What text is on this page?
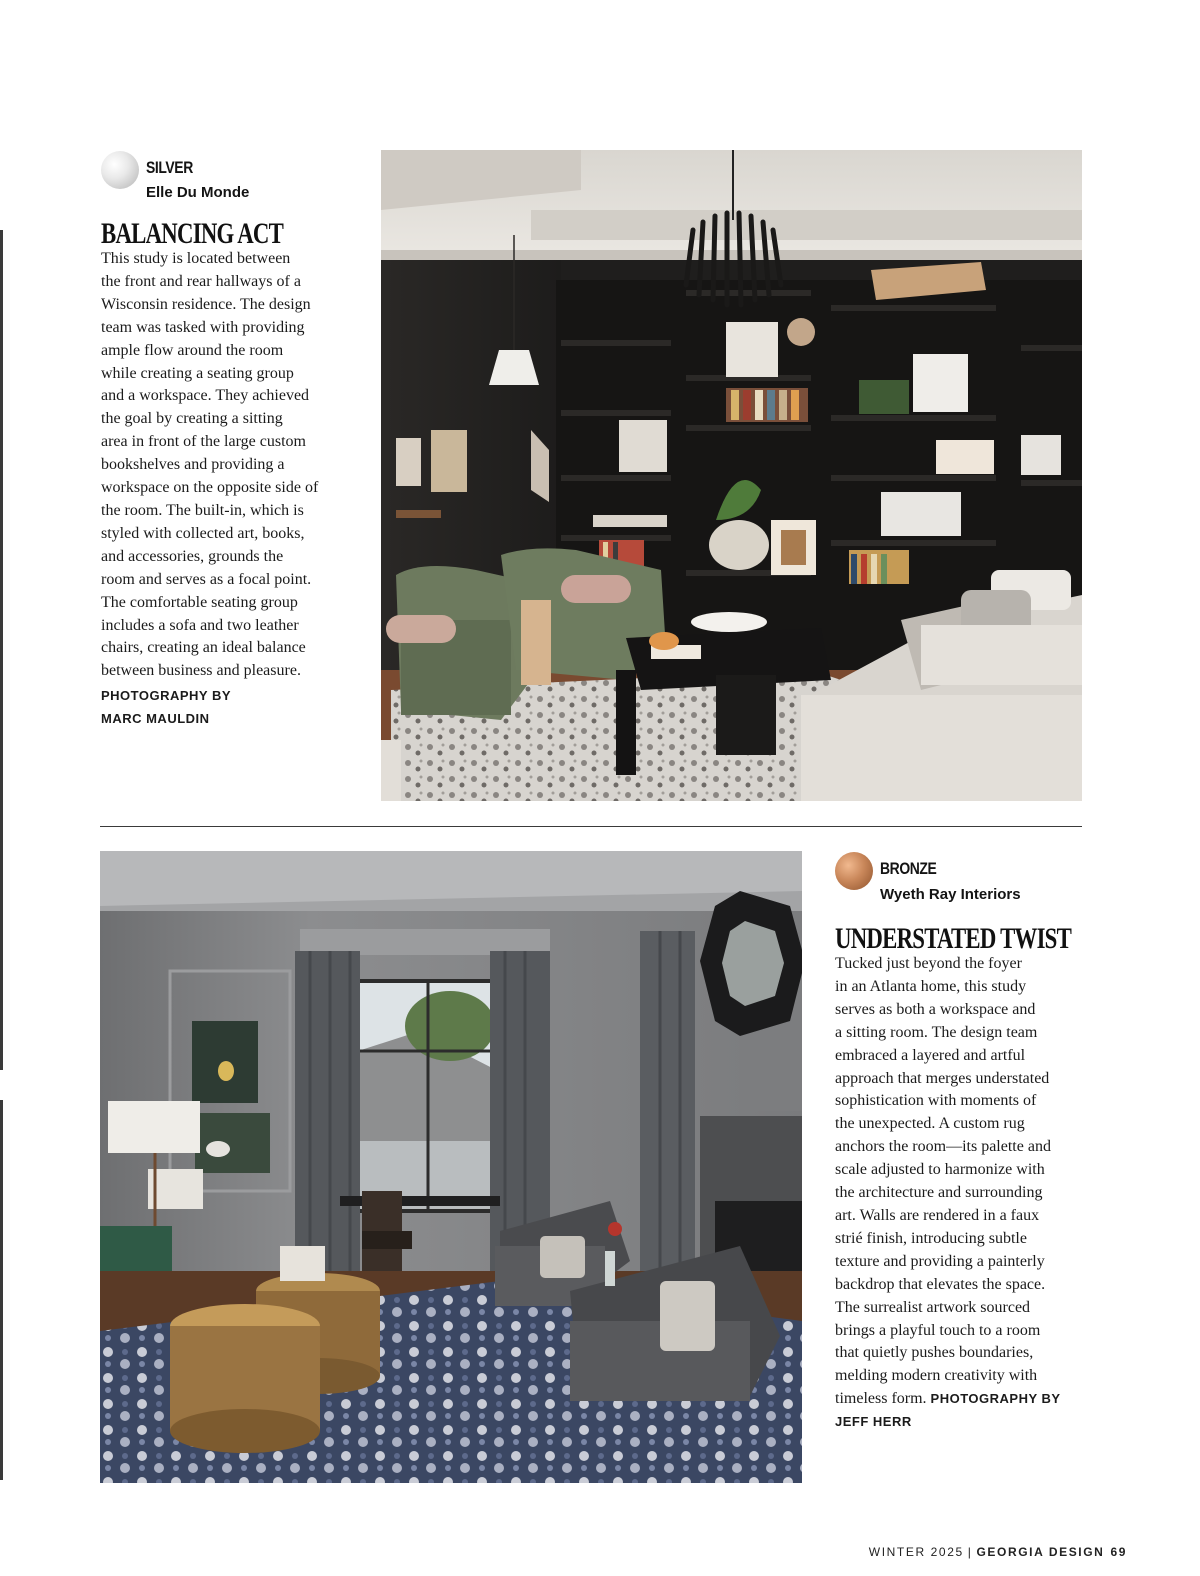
SILVER
Elle Du Monde
BALANCING ACT
This study is located between
the front and rear hallways of a
Wisconsin residence. The design
team was tasked with providing
ample flow around the room
while creating a seating group
and a workspace. They achieved
the goal by creating a sitting
area in front of the large custom
bookshelves and providing a
workspace on the opposite side of
the room. The built-in, which is
styled with collected art, books,
and accessories, grounds the
room and serves as a focal point.
The comfortable seating group
includes a sofa and two leather
chairs, creating an ideal balance
between business and pleasure.
PHOTOGRAPHY BY
MARC MAULDIN
BRONZE
Wyeth Ray Interiors
UNDERSTATED TWIST
Tucked just beyond the foyer
in an Atlanta home, this study
serves as both a workspace and
a sitting room. The design team
embraced a layered and artful
approach that merges understated
sophistication with moments of
the unexpected. A custom rug
anchors the room—its palette and
scale adjusted to harmonize with
the architecture and surrounding
art. Walls are rendered in a faux
strié finish, introducing subtle
texture and providing a painterly
backdrop that elevates the space.
The surrealist artwork sourced
brings a playful touch to a room
that quietly pushes boundaries,
melding modern creativity with
timeless form. PHOTOGRAPHY BY
JEFF HERR
WINTER 2025 | GEORGIA DESIGN 69
